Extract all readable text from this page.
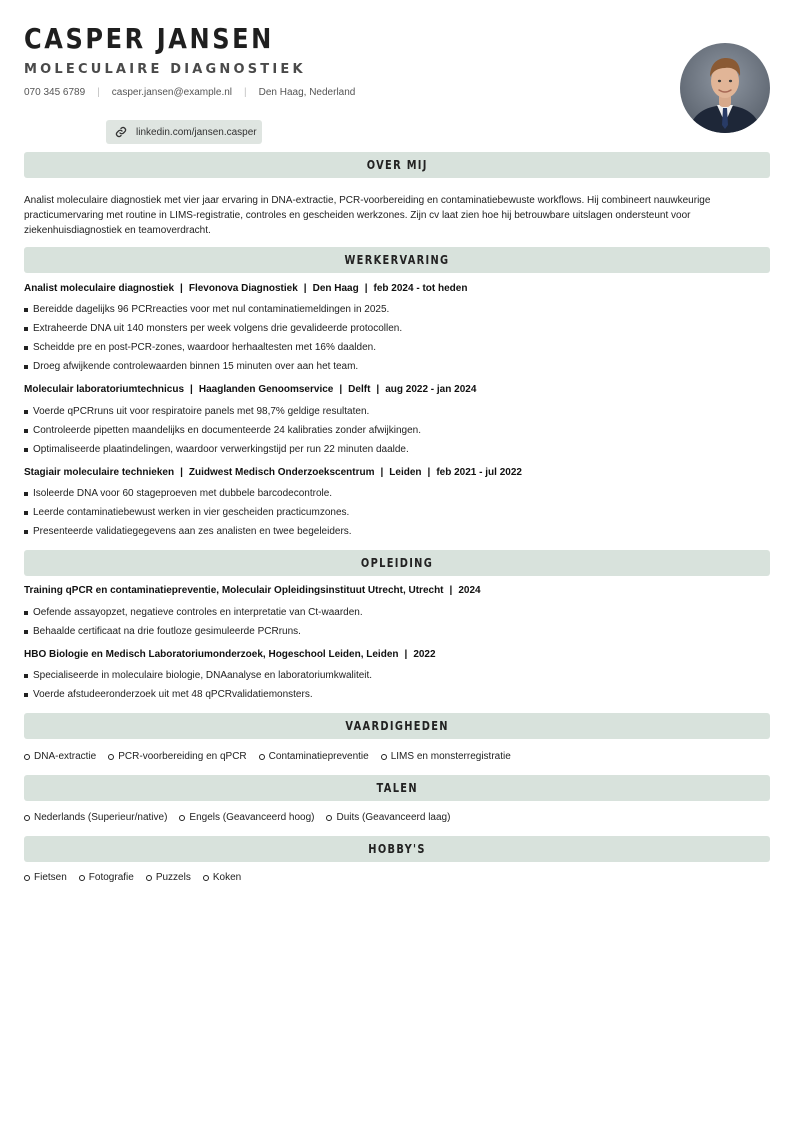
CASPER JANSEN
MOLECULAIRE DIAGNOSTIEK
070 345 6789 | casper.jansen@example.nl | Den Haag, Nederland
linkedin.com/jansen.casper
OVER MIJ
Analist moleculaire diagnostiek met vier jaar ervaring in DNA-extractie, PCR-voorbereiding en contaminatiebewuste workflows. Hij combineert nauwkeurige practicumervaring met routine in LIMS-registratie, controles en gescheiden werkzones. Zijn cv laat zien hoe hij betrouwbare uitslagen ondersteunt voor ziekenhuisdiagnostiek en teamoverdracht.
WERKERVARING
Analist moleculaire diagnostiek | Flevonova Diagnostiek | Den Haag | feb 2024 - tot heden
Bereidde dagelijks 96 PCRreacties voor met nul contaminatiemeldingen in 2025.
Extraheerde DNA uit 140 monsters per week volgens drie gevalideerde protocollen.
Scheidde pre en post-PCR-zones, waardoor herhaaltesten met 16% daalden.
Droeg afwijkende controlewaarden binnen 15 minuten over aan het team.
Moleculair laboratoriumtechnicus | Haaglanden Genoomservice | Delft | aug 2022 - jan 2024
Voerde qPCRruns uit voor respiratoire panels met 98,7% geldige resultaten.
Controleerde pipetten maandelijks en documenteerde 24 kalibraties zonder afwijkingen.
Optimaliseerde plaatindelingen, waardoor verwerkingstijd per run 22 minuten daalde.
Stagiair moleculaire technieken | Zuidwest Medisch Onderzoekscentrum | Leiden | feb 2021 - jul 2022
Isoleerde DNA voor 60 stageproeven met dubbele barcodecontrole.
Leerde contaminatiebewust werken in vier gescheiden practicumzones.
Presenteerde validatiegegevens aan zes analisten en twee begeleiders.
OPLEIDING
Training qPCR en contaminatiepreventie, Moleculair Opleidingsinstituut Utrecht, Utrecht | 2024
Oefende assayopzet, negatieve controles en interpretatie van Ct-waarden.
Behaalde certificaat na drie foutloze gesimuleerde PCRruns.
HBO Biologie en Medisch Laboratoriumonderzoek, Hogeschool Leiden, Leiden | 2022
Specialiseerde in moleculaire biologie, DNAanalyse en laboratoriumkwaliteit.
Voerde afstudeeronderzoek uit met 48 qPCRvalidatiemonsters.
VAARDIGHEDEN
DNA-extractie PCR-voorbereiding en qPCR Contaminatiepreventie LIMS en monsterregistratie
TALEN
Nederlands (Superieur/native) Engels (Geavanceerd hoog) Duits (Geavanceerd laag)
HOBBY'S
Fietsen Fotografie Puzzels Koken
